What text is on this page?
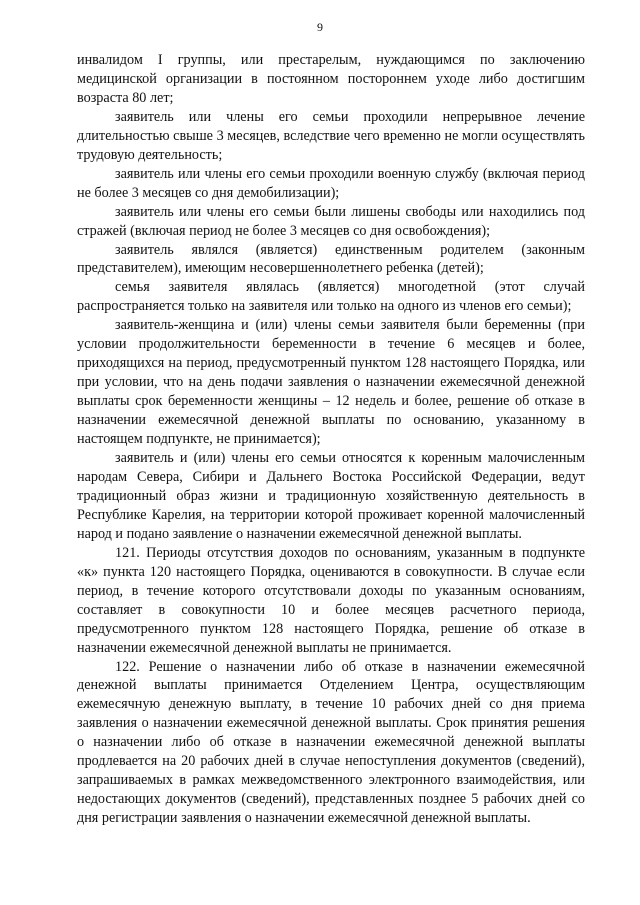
9

инвалидом I группы, или престарелым, нуждающимся по заключению медицинской организации в постоянном постороннем уходе либо достигшим возраста 80 лет;

заявитель или члены его семьи проходили непрерывное лечение длительностью свыше 3 месяцев, вследствие чего временно не могли осуществлять трудовую деятельность;

заявитель или члены его семьи проходили военную службу (включая период не более 3 месяцев со дня демобилизации);

заявитель или члены его семьи были лишены свободы или находились под стражей (включая период не более 3 месяцев со дня освобождения);

заявитель являлся (является) единственным родителем (законным представителем), имеющим несовершеннолетнего ребенка (детей);

семья заявителя являлась (является) многодетной (этот случай распространяется только на заявителя или только на одного из членов его семьи);

заявитель-женщина и (или) члены семьи заявителя были беременны (при условии продолжительности беременности в течение 6 месяцев и более, приходящихся на период, предусмотренный пунктом 128 настоящего Порядка, или при условии, что на день подачи заявления о назначении ежемесячной денежной выплаты срок беременности женщины – 12 недель и более, решение об отказе в назначении ежемесячной денежной выплаты по основанию, указанному в настоящем подпункте, не принимается);

заявитель и (или) члены его семьи относятся к коренным малочисленным народам Севера, Сибири и Дальнего Востока Российской Федерации, ведут традиционный образ жизни и традиционную хозяйственную деятельность в Республике Карелия, на территории которой проживает коренной малочисленный народ и подано заявление о назначении ежемесячной денежной выплаты.

121. Периоды отсутствия доходов по основаниям, указанным в подпункте «к» пункта 120 настоящего Порядка, оцениваются в совокупности. В случае если период, в течение которого отсутствовали доходы по указанным основаниям, составляет в совокупности 10 и более месяцев расчетного периода, предусмотренного пунктом 128 настоящего Порядка, решение об отказе в назначении ежемесячной денежной выплаты не принимается.

122. Решение о назначении либо об отказе в назначении ежемесячной денежной выплаты принимается Отделением Центра, осуществляющим ежемесячную денежную выплату, в течение 10 рабочих дней со дня приема заявления о назначении ежемесячной денежной выплаты. Срок принятия решения о назначении либо об отказе в назначении ежемесячной денежной выплаты продлевается на 20 рабочих дней в случае непоступления документов (сведений), запрашиваемых в рамках межведомственного электронного взаимодействия, или недостающих документов (сведений), представленных позднее 5 рабочих дней со дня регистрации заявления о назначении ежемесячной денежной выплаты.
